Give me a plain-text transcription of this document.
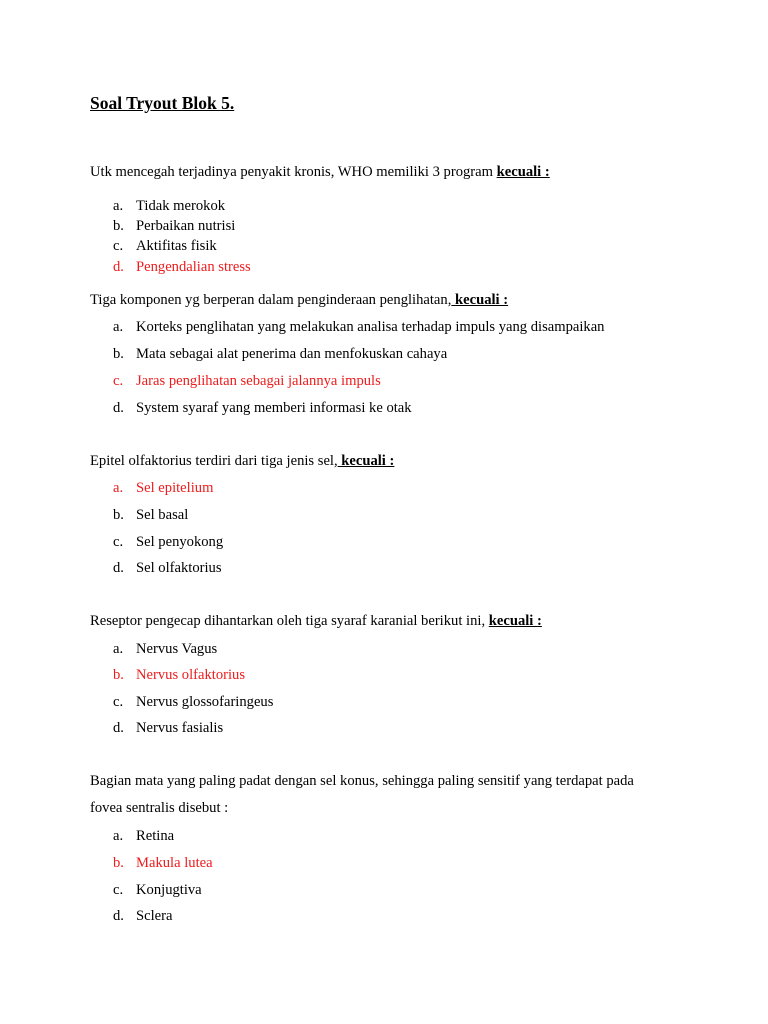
Soal Tryout Blok 5.
Utk mencegah terjadinya penyakit kronis, WHO memiliki 3 program kecuali :
a. Tidak merokok
b. Perbaikan nutrisi
c. Aktifitas fisik
d. Pengendalian stress
Tiga komponen yg berperan dalam penginderaan penglihatan, kecuali :
a. Korteks penglihatan yang melakukan analisa terhadap impuls yang disampaikan
b. Mata sebagai alat penerima dan menfokuskan cahaya
c. Jaras penglihatan sebagai jalannya impuls
d. System syaraf yang memberi informasi ke otak
Epitel olfaktorius terdiri dari tiga jenis sel, kecuali :
a. Sel epitelium
b. Sel basal
c. Sel penyokong
d. Sel olfaktorius
Reseptor pengecap dihantarkan oleh tiga syaraf karanial berikut ini, kecuali :
a. Nervus Vagus
b. Nervus olfaktorius
c. Nervus glossofaringeus
d. Nervus fasialis
Bagian mata yang paling padat dengan sel konus, sehingga paling sensitif yang terdapat pada
fovea sentralis disebut :
a. Retina
b. Makula lutea
c. Konjugtiva
d. Sclera
